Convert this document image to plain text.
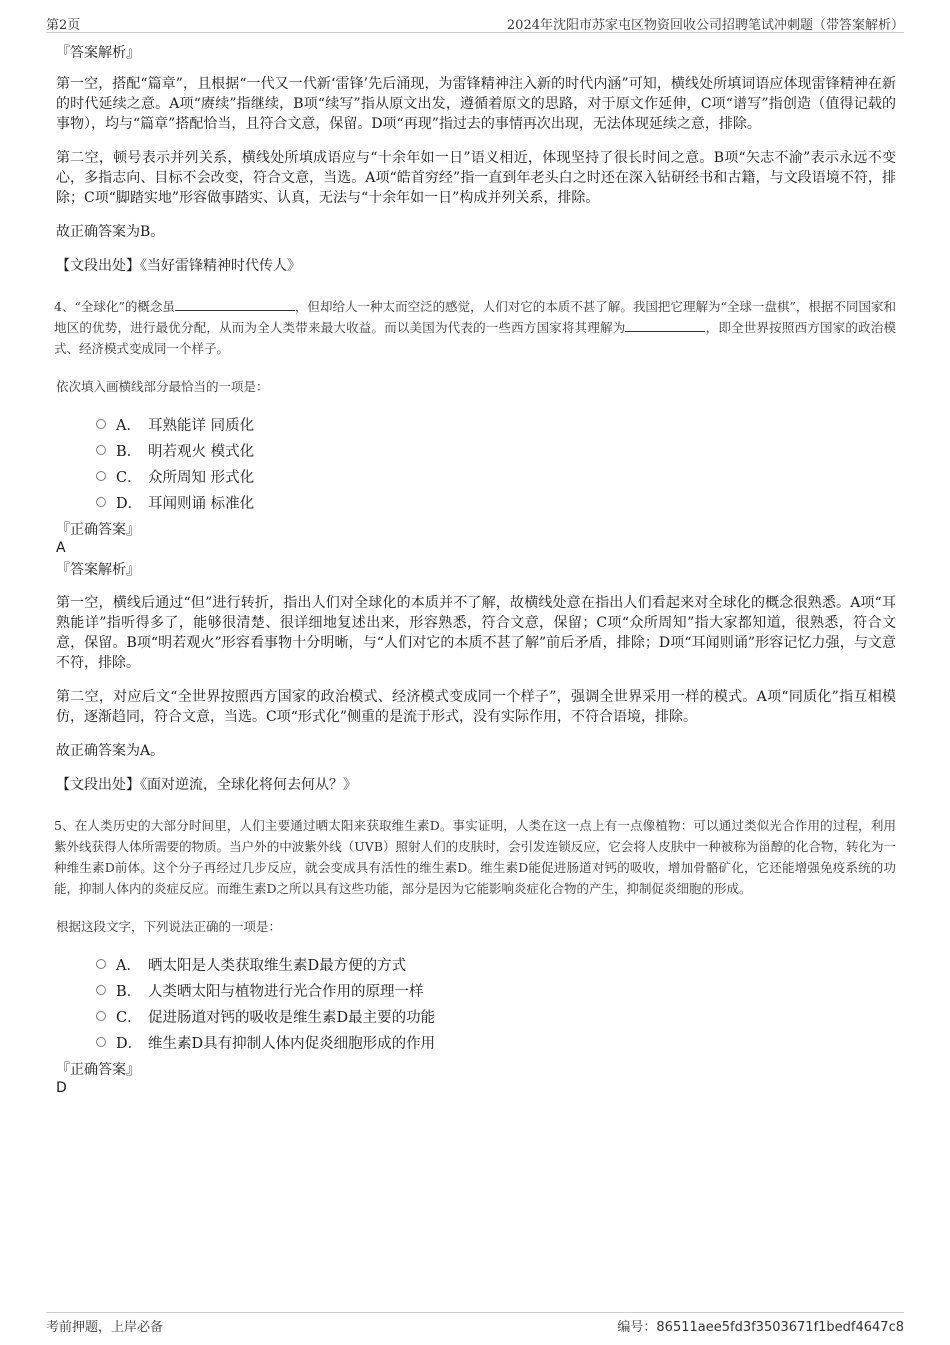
第2页	2024年沈阳市苏家屯区物资回收公司招聘笔试冲刺题（带答案解析）

『答案解析』

第一空，搭配“篇章”，且根据“一代又一代新‘雷锋’先后涌现，为雷锋精神注入新的时代内涵”可知，横线处所填词语应体现雷锋精神在新的时代延续之意。A项“赓续”指继续，B项“续写”指从原文出发，遵循着原文的思路，对于原文作延伸，C项“谱写”指创造（值得记载的事物），均与“篇章”搭配恰当，且符合文意，保留。D项“再现”指过去的事情再次出现，无法体现延续之意，排除。

第二空，顿号表示并列关系，横线处所填成语应与“十余年如一日”语义相近，体现坚持了很长时间之意。B项“矢志不渝”表示永远不变心，多指志向、目标不会改变，符合文意，当选。A项“皓首穷经”指一直到年老头白之时还在深入钻研经书和古籍，与文段语境不符，排除；C项“脚踏实地”形容做事踏实、认真，无法与“十余年如一日”构成并列关系，排除。

故正确答案为B。

【文段出处】《当好雷锋精神时代传人》

4、“全球化”的概念虽	，但却给人一种太而空泛的感觉，人们对它的本质不甚了解。我国把它理解为“全球一盘棋”，根据不同国家和地区的优势，进行最优分配，从而为全人类带来最大收益。而以美国为代表的一些西方国家将其理解为	，即全世界按照西方国家的政治模式、经济模式变成同一个样子。

依次填入画横线部分最恰当的一项是：

A． 耳熟能详 同质化
B． 明若观火 模式化
C． 众所周知 形式化
D． 耳闻则诵 标准化

『正确答案』

A

『答案解析』

第一空，横线后通过“但”进行转折，指出人们对全球化的本质并不了解，故横线处意在指出人们看起来对全球化的概念很熟悉。A项“耳熟能详”指听得多了，能够很清楚、很详细地复述出来，形容熟悉，符合文意，保留；C项“众所周知”指大家都知道，很熟悉，符合文意，保留。B项“明若观火”形容看事物十分明晰，与“人们对它的本质不甚了解”前后矛盾，排除；D项“耳闻则诵”形容记忆力强，与文意不符，排除。

第二空，对应后文“全世界按照西方国家的政治模式、经济模式变成同一个样子”，强调全世界采用一样的模式。A项“同质化”指互相模仿，逐渐趋同，符合文意，当选。C项“形式化”侧重的是流于形式，没有实际作用，不符合语境，排除。

故正确答案为A。

【文段出处】《面对逆流，全球化将何去何从？》

5、在人类历史的大部分时间里，人们主要通过晒太阳来获取维生素D。事实证明，人类在这一点上有一点像植物：可以通过类似光合作用的过程，利用紫外线获得人体所需要的物质。当户外的中波紫外线（UVB）照射人们的皮肤时，会引发连锁反应，它会将人皮肤中一种被称为甾醇的化合物，转化为一种维生素D前体。这个分子再经过几步反应，就会变成具有活性的维生素D。维生素D能促进肠道对钙的吸收，增加骨骼矿化，它还能增强免疫系统的功能，抑制人体内的炎症反应。而维生素D之所以具有这些功能，部分是因为它能影响炎症化合物的产生，抑制促炎细胞的形成。

根据这段文字，下列说法正确的一项是：

A． 晒太阳是人类获取维生素D最方便的方式
B． 人类晒太阳与植物进行光合作用的原理一样
C． 促进肠道对钙的吸收是维生素D最主要的功能
D． 维生素D具有抑制人体内促炎细胞形成的作用

『正确答案』

D

考前押题，上岸必备	编号：86511aee5fd3f3503671f1bedf4647c8
